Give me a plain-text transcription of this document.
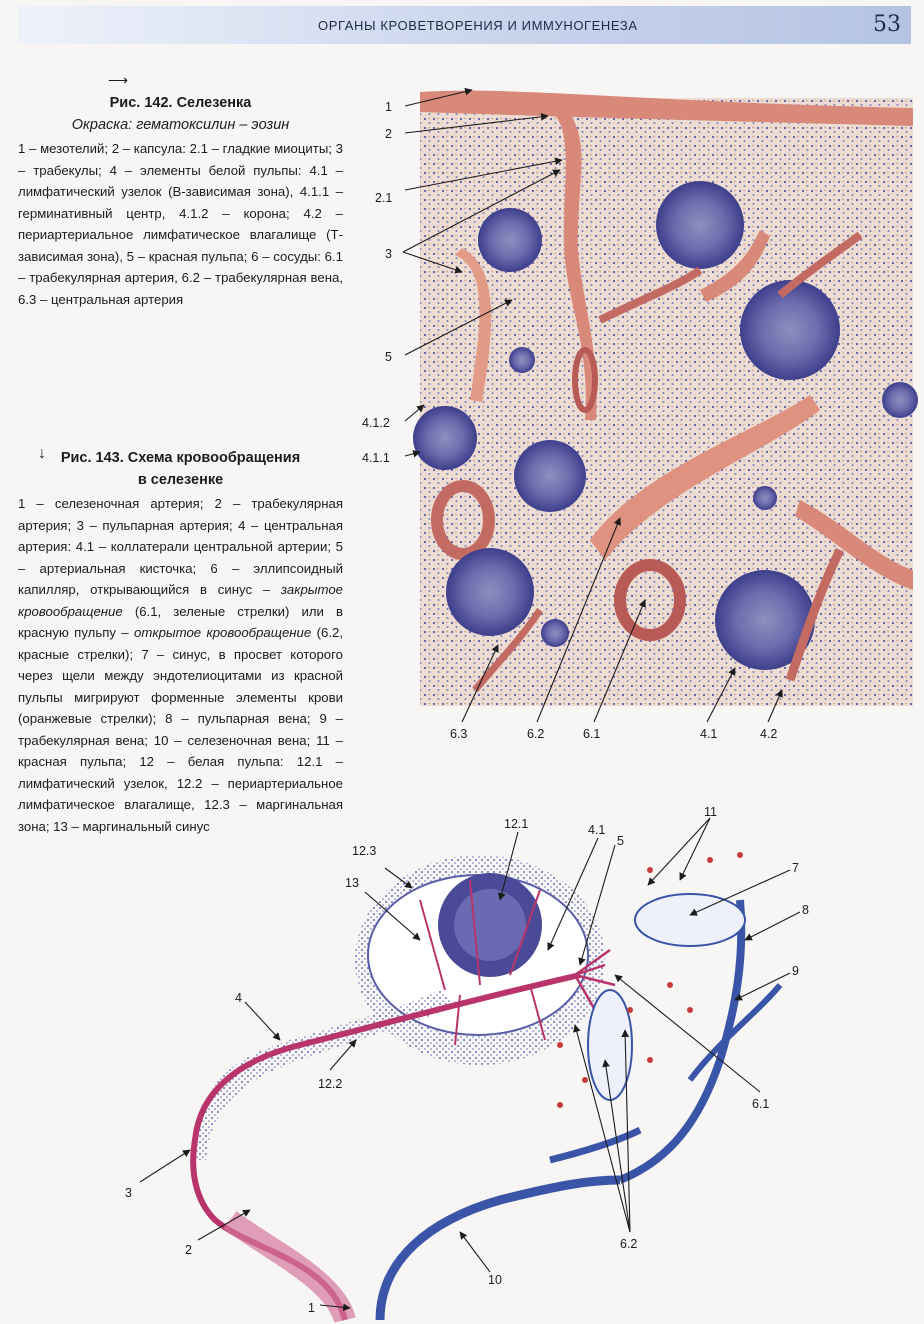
ОРГАНЫ КРОВЕТВОРЕНИЯ И ИММУНОГЕНЕЗА	53
⟶

Рис. 142. Селезенка

Окраска: гематоксилин – эозин

1 – мезотелий; 2 – капсула: 2.1 – гладкие миоциты; 3 – трабекулы; 4 – элементы белой пульпы: 4.1 – лимфатический узелок (В-зависимая зона), 4.1.1 – герминативный центр, 4.1.2 – корона; 4.2 – периартериальное лимфатическое влагалище (Т-зависимая зона), 5 – красная пульпа; 6 – сосуды: 6.1 – трабекулярная артерия, 6.2 – трабекулярная вена, 6.3 – центральная артерия

↓	Рис. 143. Схема кровообращения

в селезенке

1 – селезеночная артерия; 2 – трабекулярная артерия; 3 – пульпарная артерия; 4 – центральная артерия: 4.1 – коллатерали центральной артерии; 5 – артериальная кисточка; 6 – эллипсоидный капилляр, открывающийся в синус – закрытое кровообращение (6.1, зеленые стрелки) или в красную пульпу – открытое кровообращение (6.2, красные стрелки); 7 – синус, в просвет которого через щели между эндотелиоцитами из красной пульпы мигрируют форменные элементы крови (оранжевые стрелки); 8 – пульпарная вена; 9 – трабекулярная вена; 10 – селезеночная вена; 11 – красная пульпа; 12 – белая пульпа: 12.1 – лимфатический узелок, 12.2 – периартериальное лимфатическое влагалище, 12.3 – маргинальная зона; 13 – маргинальный синус

1
2
2.1
3
5
4.1.2
4.1.1
6.3	6.2	6.1	4.1	4.2
12.1	4.1
5
11
12.3
13
7
8
9
4
12.2
6.1
3
2	6.2
10
1
